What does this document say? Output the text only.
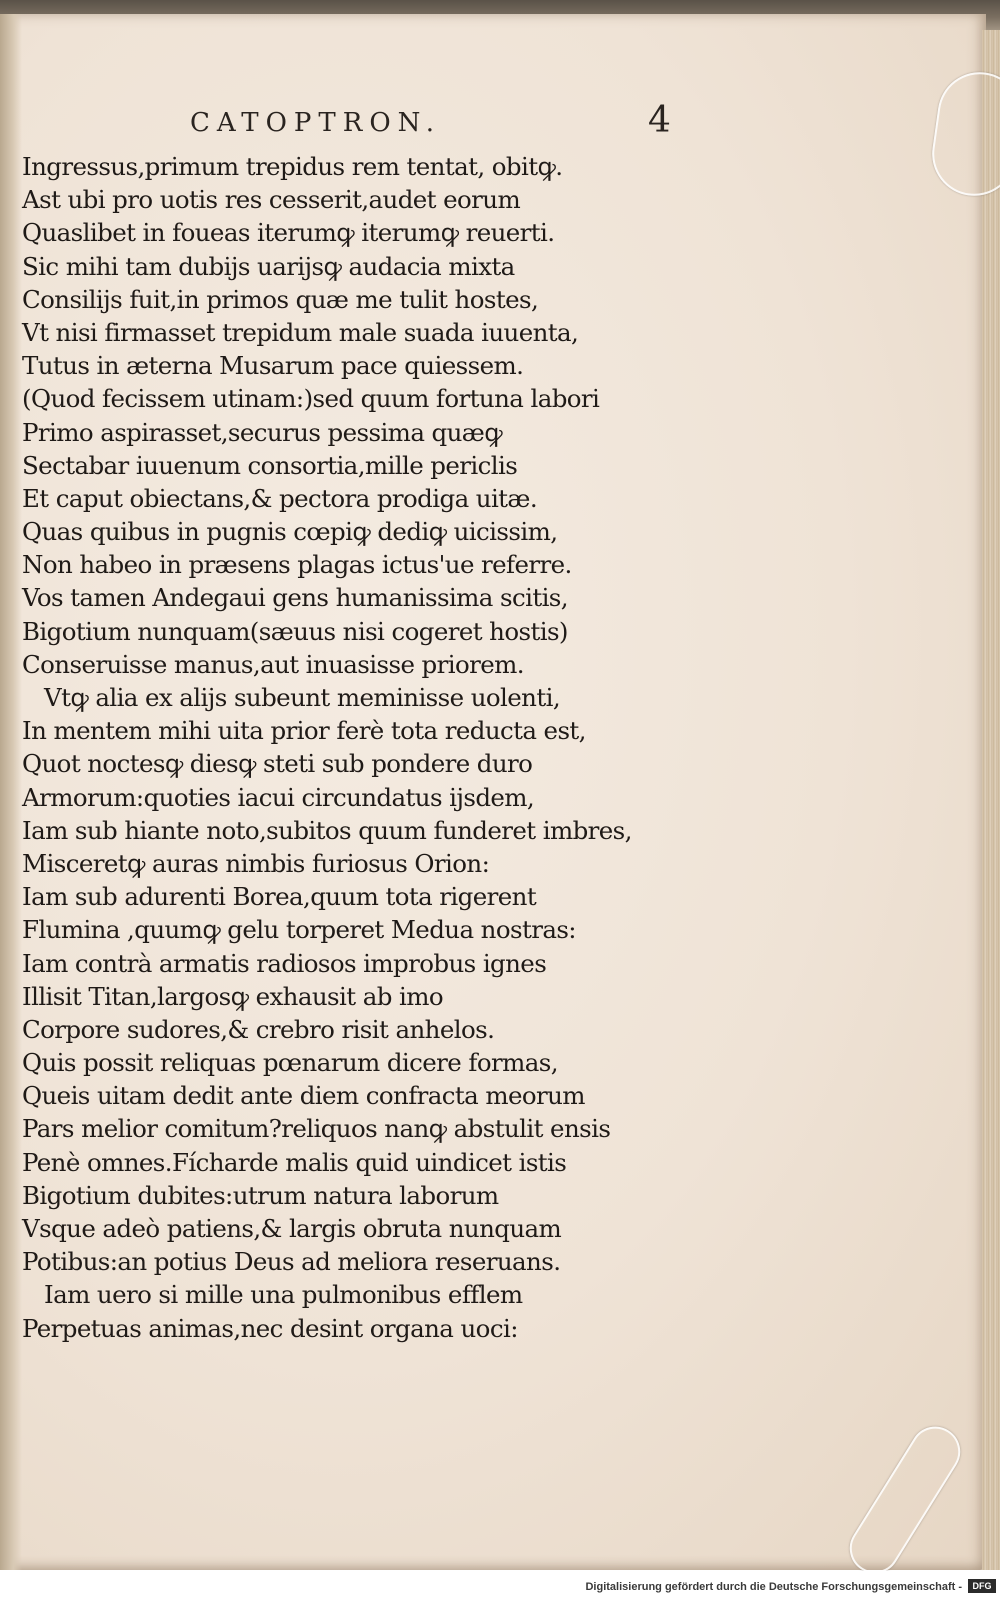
CATOPTRON.	4
Ingressus,primum trepidus rem tentat, obitꝙ.
Ast ubi pro uotis res cesserit,audet eorum
Quaslibet in foueas iterumꝙ iterumꝙ reuerti.
Sic mihi tam dubijs uarijsꝙ audacia mixta
Consilijs fuit,in primos quæ me tulit hostes,
Vt nisi firmasset trepidum male suada iuuenta,
Tutus in æterna Musarum pace quiessem.
(Quod fecissem utinam:)sed quum fortuna labori
Primo aspirasset,securus pessima quæꝙ
Sectabar iuuenum consortia,mille periclis
Et caput obiectans,& pectora prodiga uitæ.
Quas quibus in pugnis cœpiꝙ dediꝙ uicissim,
Non habeo in præsens plagas ictus'ue referre.
Vos tamen Andegaui gens humanissima scitis,
Bigotium nunquam(sæuus nisi cogeret hostis)
Conseruisse manus,aut inuasisse priorem.
Vtꝙ alia ex alijs subeunt meminisse uolenti,
In mentem mihi uita prior ferè tota reducta est,
Quot noctesꝙ diesꝙ steti sub pondere duro
Armorum:quoties iacui circundatus ijsdem,
Iam sub hiante noto,subitos quum funderet imbres,
Misceretꝙ auras nimbis furiosus Orion:
Iam sub adurenti Borea,quum tota rigerent
Flumina ,quumꝙ gelu torperet Medua nostras:
Iam contrà armatis radiosos improbus ignes
Illisit Titan,largosꝙ exhausit ab imo
Corpore sudores,& crebro risit anhelos.
Quis possit reliquas pœnarum dicere formas,
Queis uitam dedit ante diem confracta meorum
Pars melior comitum?reliquos nanꝙ abstulit ensis
Penè omnes.Fícharde malis quid uindicet istis
Bigotium dubites:utrum natura laborum
Vsque adeò patiens,& largis obruta nunquam
Potibus:an potius Deus ad meliora reseruans.
Iam uero si mille una pulmonibus efflem
Perpetuas animas,nec desint organa uoci:
Digitalisierung gefördert durch die Deutsche Forschungsgemeinschaft -	DFG
